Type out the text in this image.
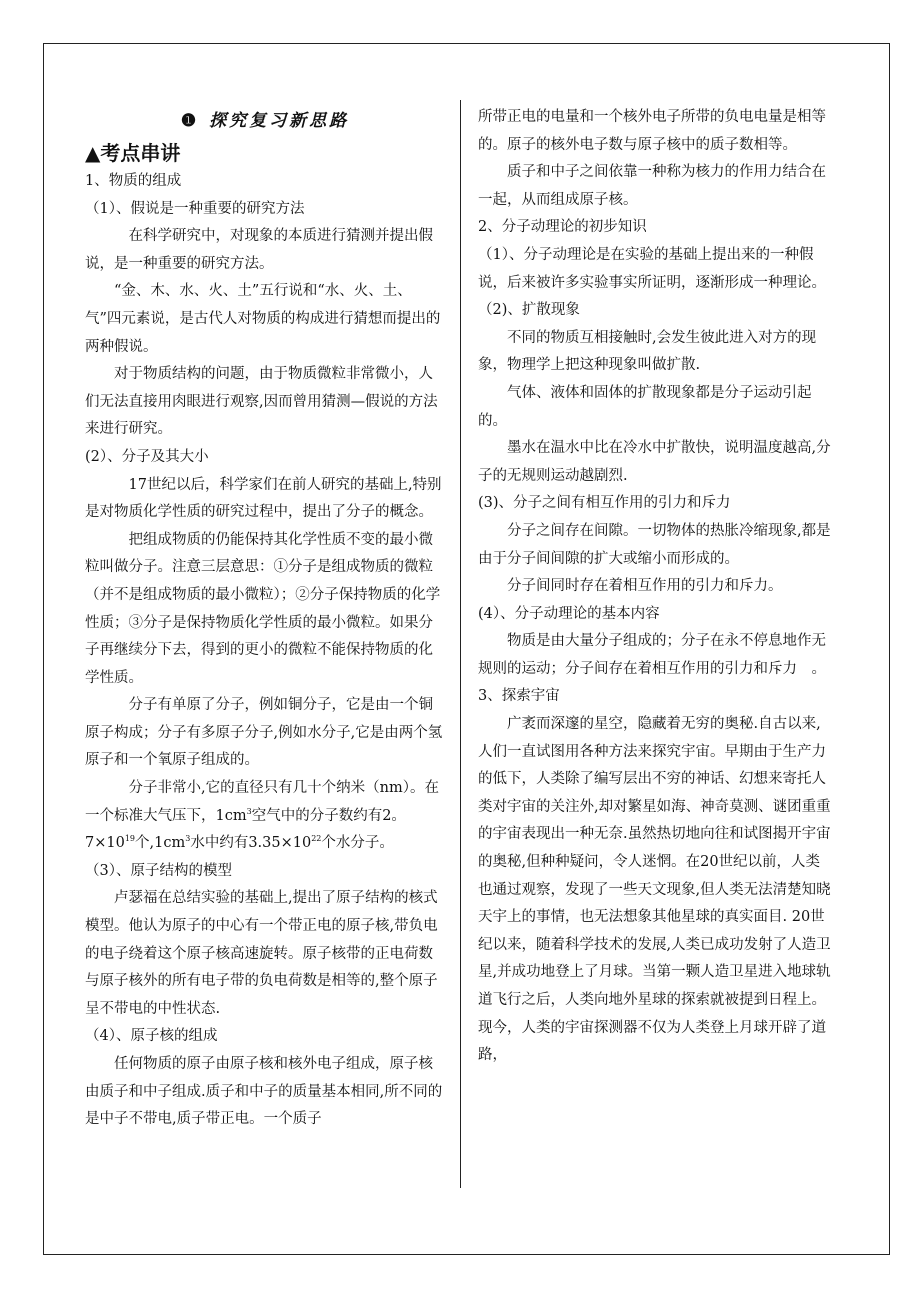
❶ 探究复习新思路

▲考点串讲

1、物质的组成

（1）、假说是一种重要的研究方法

在科学研究中，对现象的本质进行猜测并提出假说，是一种重要的研究方法。

“金、木、水、火、土”五行说和“水、火、土、气”四元素说，是古代人对物质的构成进行猜想而提出的两种假说。

对于物质结构的问题，由于物质微粒非常微小，人们无法直接用肉眼进行观察,因而曾用猜测—假说的方法来进行研究。

(2）、分子及其大小

17世纪以后，科学家们在前人研究的基础上,特别是对物质化学性质的研究过程中，提出了分子的概念。

把组成物质的仍能保持其化学性质不变的最小微粒叫做分子。注意三层意思：①分子是组成物质的微粒（并不是组成物质的最小微粒）；②分子保持物质的化学性质；③分子是保持物质化学性质的最小微粒。如果分子再继续分下去，得到的更小的微粒不能保持物质的化学性质。

分子有单原了分子，例如铜分子，它是由一个铜原子构成；分子有多原子分子,例如水分子,它是由两个氢原子和一个氧原子组成的。

分子非常小,它的直径只有几十个纳米（nm）。在一个标准大气压下，$1cm^3$空气中的分子数约有2。$7\times 10^{19}$个$,1cm^3$水中约有$3.35\times 10^{22}$个水分子。

（3）、原子结构的模型

卢瑟福在总结实验的基础上,提出了原子结构的核式模型。他认为原子的中心有一个带正电的原子核,带负电的电子绕着这个原子核高速旋转。原子核带的正电荷数与原子核外的所有电子带的负电荷数是相等的,整个原子呈不带电的中性状态.

（4）、原子核的组成

任何物质的原子由原子核和核外电子组成，原子核由质子和中子组成.质子和中子的质量基本相同,所不同的是中子不带电,质子带正电。一个质子

所带正电的电量和一个核外电子所带的负电电量是相等的。原子的核外电子数与原子核中的质子数相等。

质子和中子之间依靠一种称为核力的作用力结合在一起，从而组成原子核。

2、分子动理论的初步知识

（1）、分子动理论是在实验的基础上提出来的一种假说，后来被许多实验事实所证明，逐渐形成一种理论。

（2)、扩散现象

不同的物质互相接触时,会发生彼此进入对方的现象，物理学上把这种现象叫做扩散.

气体、液体和固体的扩散现象都是分子运动引起的。

墨水在温水中比在冷水中扩散快，说明温度越高,分子的无规则运动越剧烈.

(3)、分子之间有相互作用的引力和斥力

分子之间存在间隙。一切物体的热胀冷缩现象,都是由于分子间间隙的扩大或缩小而形成的。

分子间同时存在着相互作用的引力和斥力。

(4）、分子动理论的基本内容

物质是由大量分子组成的；分子在永不停息地作无规则的运动；分子间存在着相互作用的引力和斥力　。

3、探索宇宙

广袤而深邃的星空，隐藏着无穷的奥秘.自古以来,人们一直试图用各种方法来探究宇宙。早期由于生产力的低下，人类除了编写层出不穷的神话、幻想来寄托人类对宇宙的关注外,却对繁星如海、神奇莫测、谜团重重的宇宙表现出一种无奈.虽然热切地向往和试图揭开宇宙的奥秘,但种种疑问，令人迷惘。在20世纪以前，人类也通过观察，发现了一些天文现象,但人类无法清楚知晓天宇上的事情，也无法想象其他星球的真实面目. 20世纪以来，随着科学技术的发展,人类已成功发射了人造卫星,并成功地登上了月球。当第一颗人造卫星进入地球轨道飞行之后，人类向地外星球的探索就被提到日程上。现今，人类的宇宙探测器不仅为人类登上月球开辟了道路，
